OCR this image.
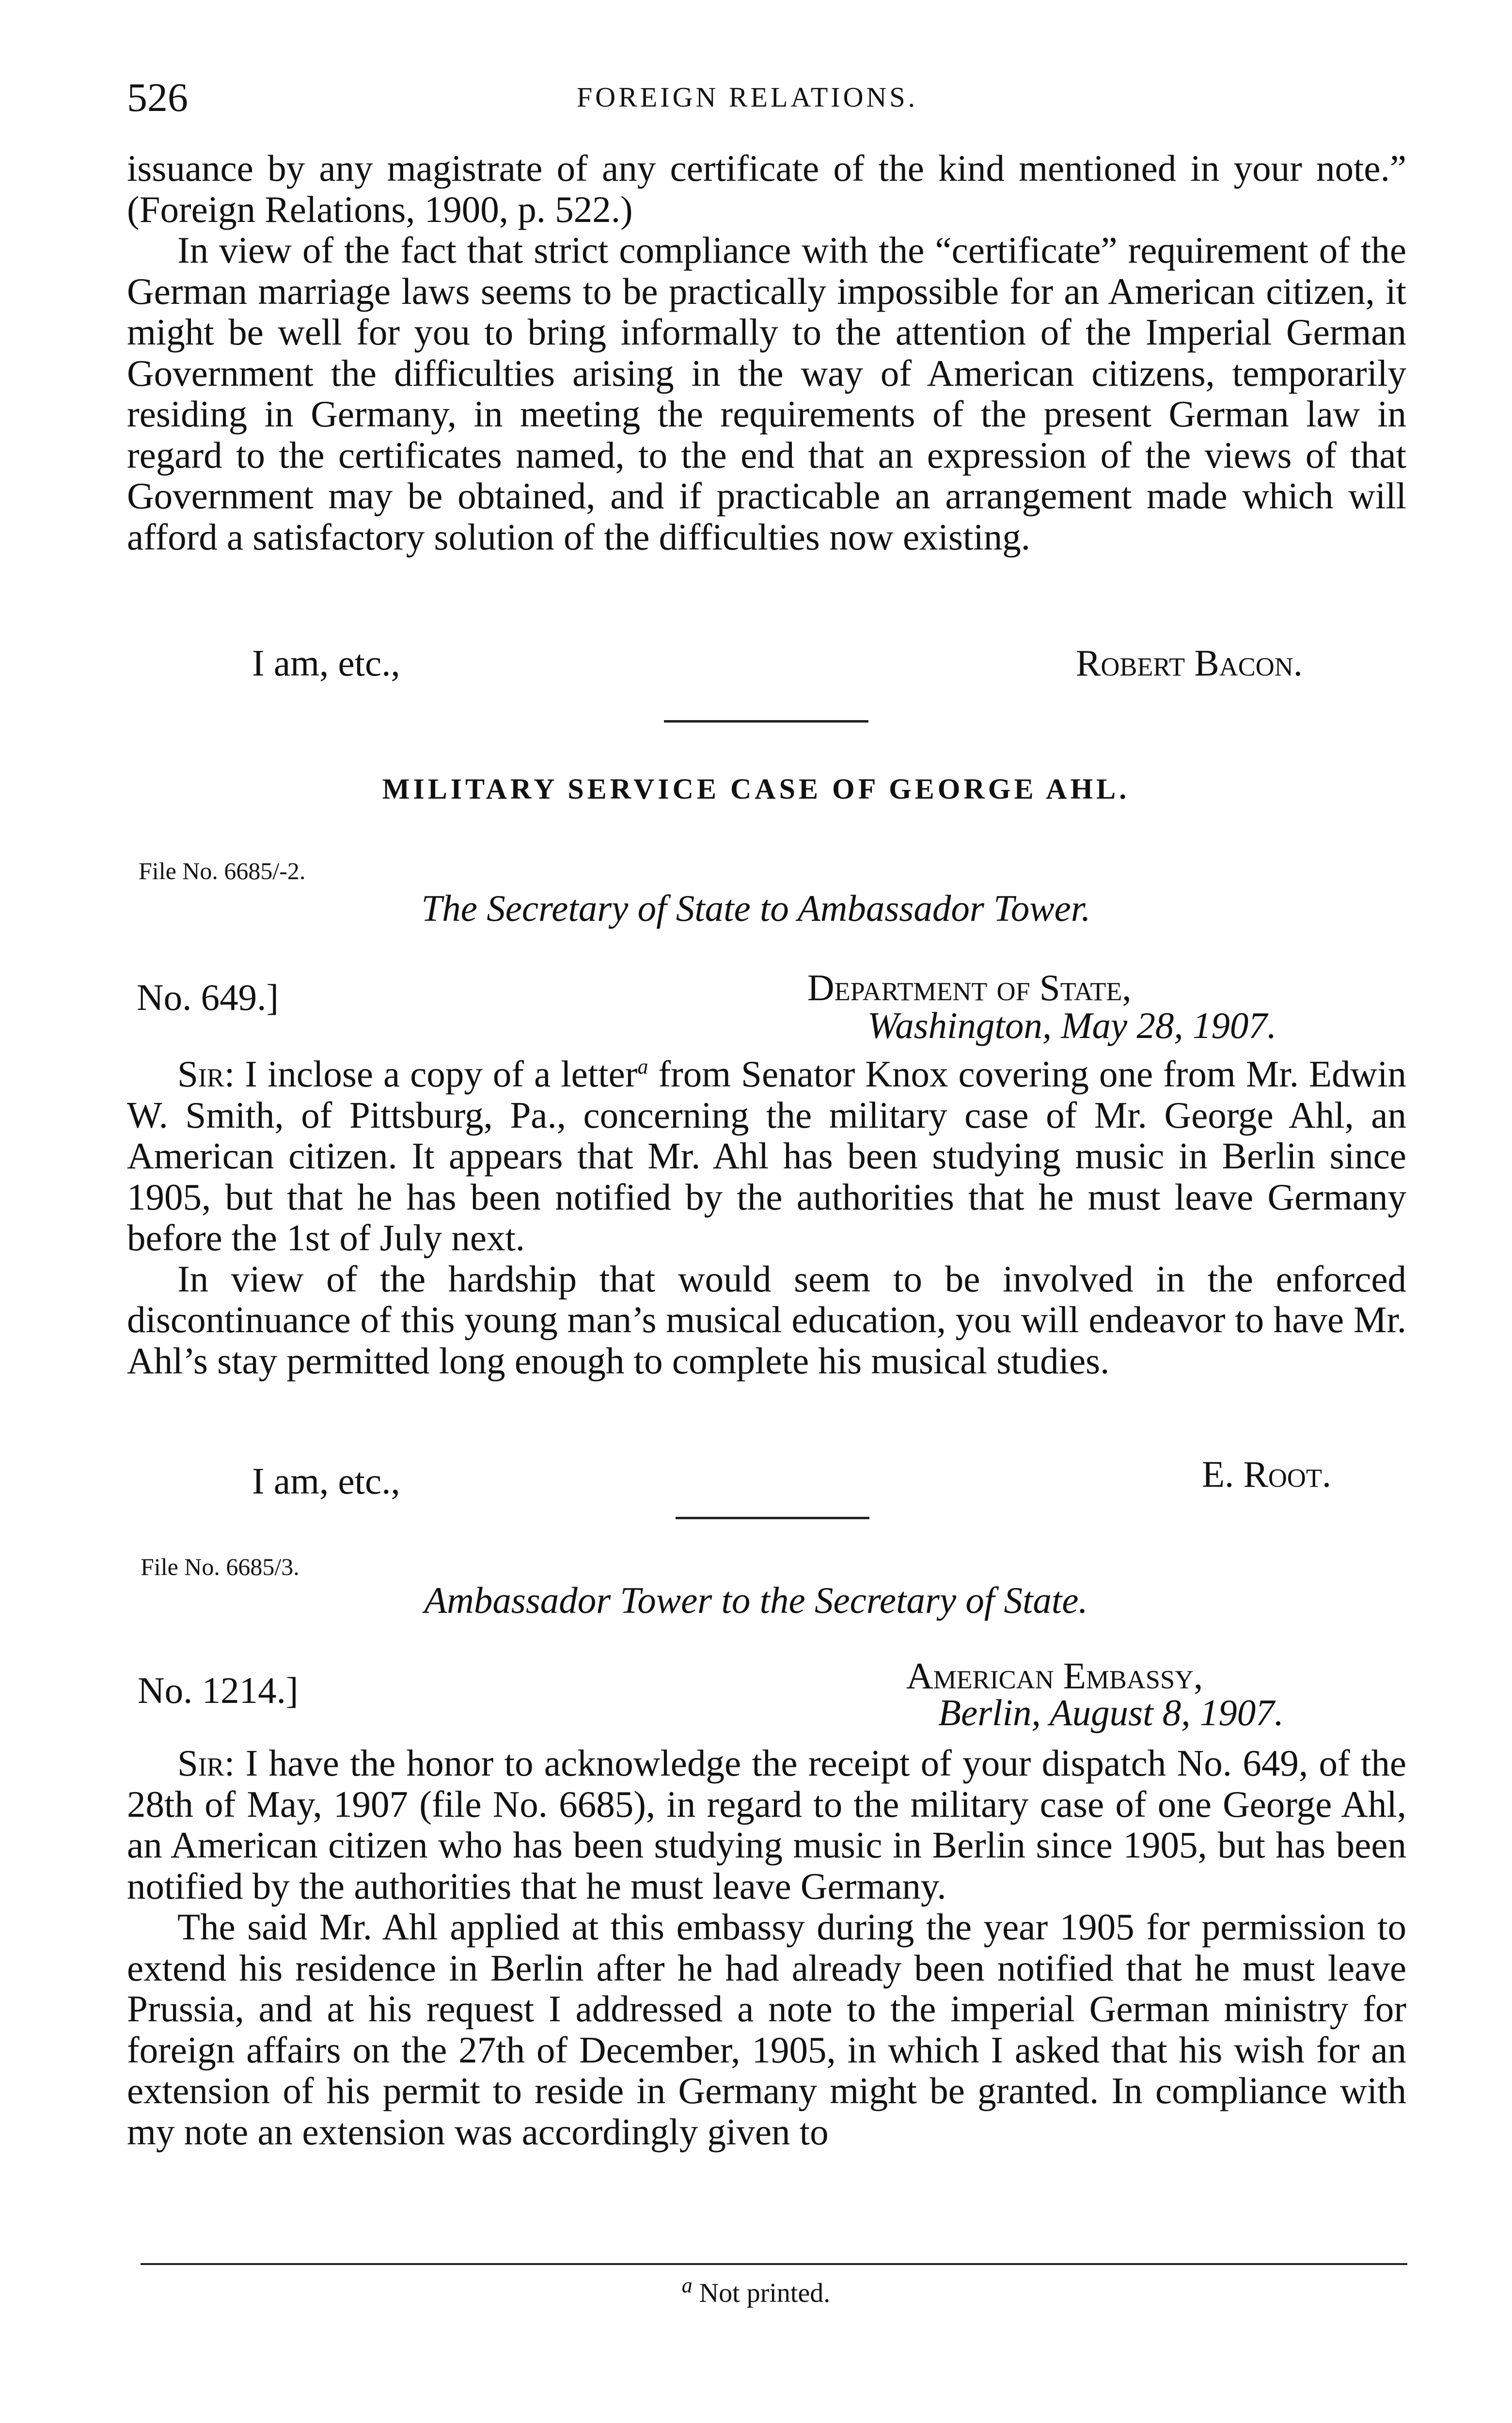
526	FOREIGN RELATIONS.

issuance by any magistrate of any certificate of the kind mentioned in your note.” (Foreign Relations, 1900, p. 522.)

In view of the fact that strict compliance with the “certificate” requirement of the German marriage laws seems to be practically impossible for an American citizen, it might be well for you to bring informally to the attention of the Imperial German Government the difficulties arising in the way of American citizens, temporarily residing in Germany, in meeting the requirements of the present German law in regard to the certificates named, to the end that an expression of the views of that Government may be obtained, and if practicable an arrangement made which will afford a satisfactory solution of the difficulties now existing.

I am, etc.,	Robert Bacon.
MILITARY SERVICE CASE OF GEORGE AHL.
File No. 6685/-2.
The Secretary of State to Ambassador Tower.
No. 649.]	Department of State,
Washington, May 28, 1907.

Sir: I inclose a copy of a letter$^a$ from Senator Knox covering one from Mr. Edwin W. Smith, of Pittsburg, Pa., concerning the military case of Mr. George Ahl, an American citizen. It appears that Mr. Ahl has been studying music in Berlin since 1905, but that he has been notified by the authorities that he must leave Germany before the 1st of July next.

In view of the hardship that would seem to be involved in the enforced discontinuance of this young man’s musical education, you will endeavor to have Mr. Ahl’s stay permitted long enough to complete his musical studies.

I am, etc.,	E. Root.
File No. 6685/3.
Ambassador Tower to the Secretary of State.
No. 1214.]	American Embassy,
Berlin, August 8, 1907.

Sir: I have the honor to acknowledge the receipt of your dispatch No. 649, of the 28th of May, 1907 (file No. 6685), in regard to the military case of one George Ahl, an American citizen who has been studying music in Berlin since 1905, but has been notified by the authorities that he must leave Germany.

The said Mr. Ahl applied at this embassy during the year 1905 for permission to extend his residence in Berlin after he had already been notified that he must leave Prussia, and at his request I addressed a note to the imperial German ministry for foreign affairs on the 27th of December, 1905, in which I asked that his wish for an extension of his permit to reside in Germany might be granted. In compliance with my note an extension was accordingly given to

$^a$ Not printed.
